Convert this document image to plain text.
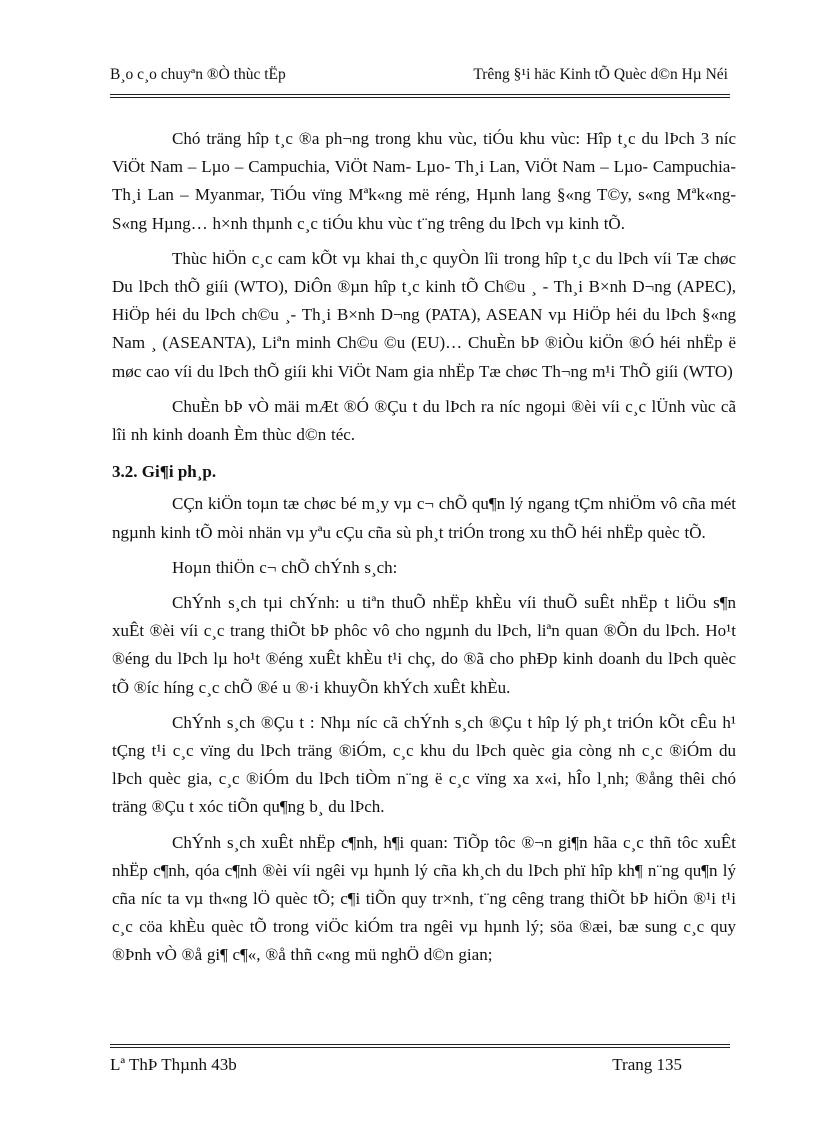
B¸o c¸o chuyªn ®Ò thùc tËp	Trêng §¹i häc Kinh tÕ Quèc d©n Hµ Néi

Chó träng hîp t¸c ®a ph¬ng trong khu vùc, tiÓu khu vùc: Hîp t¸c du lÞch 3 níc ViÖt Nam – Lµo – Campuchia, ViÖt Nam- Lµo- Th¸i Lan, ViÖt Nam – Lµo- Campuchia- Th¸i Lan – Myanmar, TiÓu vïng Mªk«ng më réng, Hµnh lang §«ng T©y, s«ng Mªk«ng- S«ng Hµng… h×nh thµnh c¸c tiÓu khu vùc t¨ng trêng du lÞch vµ kinh tÕ.

Thùc hiÖn c¸c cam kÕt vµ khai th¸c quyÒn lîi trong hîp t¸c du lÞch víi Tæ chøc Du lÞch thÕ giíi (WTO), DiÔn ®µn hîp t¸c kinh tÕ Ch©u ¸ - Th¸i B×nh D¬ng (APEC), HiÖp héi du lÞch ch©u ¸- Th¸i B×nh D¬ng (PATA), ASEAN vµ HiÖp héi du lÞch §«ng Nam ¸ (ASEANTA), Liªn minh Ch©u ©u (EU)… ChuÈn bÞ ®iÒu kiÖn ®Ó héi nhËp ë møc cao víi du lÞch thÕ giíi khi ViÖt Nam gia nhËp Tæ chøc Th¬ng m¹i ThÕ giíi (WTO)

ChuÈn bÞ vÒ mäi mÆt ®Ó ®Çu t du lÞch ra níc ngoµi ®èi víi c¸c lÜnh vùc cã lîi nh kinh doanh Èm thùc d©n téc.

3.2. Gi¶i ph¸p.

CÇn kiÖn toµn tæ chøc bé m¸y vµ c¬ chÕ qu¶n lý ngang tÇm nhiÖm vô cña mét ngµnh kinh tÕ mòi nhän vµ yªu cÇu cña sù ph¸t triÓn trong xu thÕ héi nhËp quèc tÕ.

Hoµn thiÖn c¬ chÕ chÝnh s¸ch:

ChÝnh s¸ch tµi chÝnh: u tiªn thuÕ nhËp khÈu víi thuÕ suÊt nhËp t liÖu s¶n xuÊt ®èi víi c¸c trang thiÕt bÞ phôc vô cho ngµnh du lÞch, liªn quan ®Õn du lÞch. Ho¹t ®éng du lÞch lµ ho¹t ®éng xuÊt khÈu t¹i chç, do ®ã cho phÐp kinh doanh du lÞch quèc tÕ ®íc híng c¸c chÕ ®é u ®·i khuyÕn khÝch xuÊt khÈu.

ChÝnh s¸ch ®Çu t : Nhµ níc cã chÝnh s¸ch ®Çu t hîp lý ph¸t triÓn kÕt cÊu h¹ tÇng t¹i c¸c vïng du lÞch träng ®iÓm, c¸c khu du lÞch quèc gia còng nh c¸c ®iÓm du lÞch quèc gia, c¸c ®iÓm du lÞch tiÒm n¨ng ë c¸c vïng xa x«i, hÎo l¸nh; ®ång thêi chó träng ®Çu t xóc tiÕn qu¶ng b¸ du lÞch.

ChÝnh s¸ch xuÊt nhËp c¶nh, h¶i quan: TiÕp tôc ®¬n gi¶n hãa c¸c thñ tôc xuÊt nhËp c¶nh, qóa c¶nh ®èi víi ngêi vµ hµnh lý cña kh¸ch du lÞch phï hîp kh¶ n¨ng qu¶n lý cña níc ta vµ th«ng lÖ quèc tÕ; c¶i tiÕn quy tr×nh, t¨ng cêng trang thiÕt bÞ hiÖn ®¹i t¹i c¸c cöa khÈu quèc tÕ trong viÖc kiÓm tra ngêi vµ hµnh lý; söa ®æi, bæ sung c¸c quy ®Þnh vÒ ®å gi¶ c¶«, ®å thñ c«ng mü nghÖ d©n gian;

Lª ThÞ Thµnh 43b	Trang 135
